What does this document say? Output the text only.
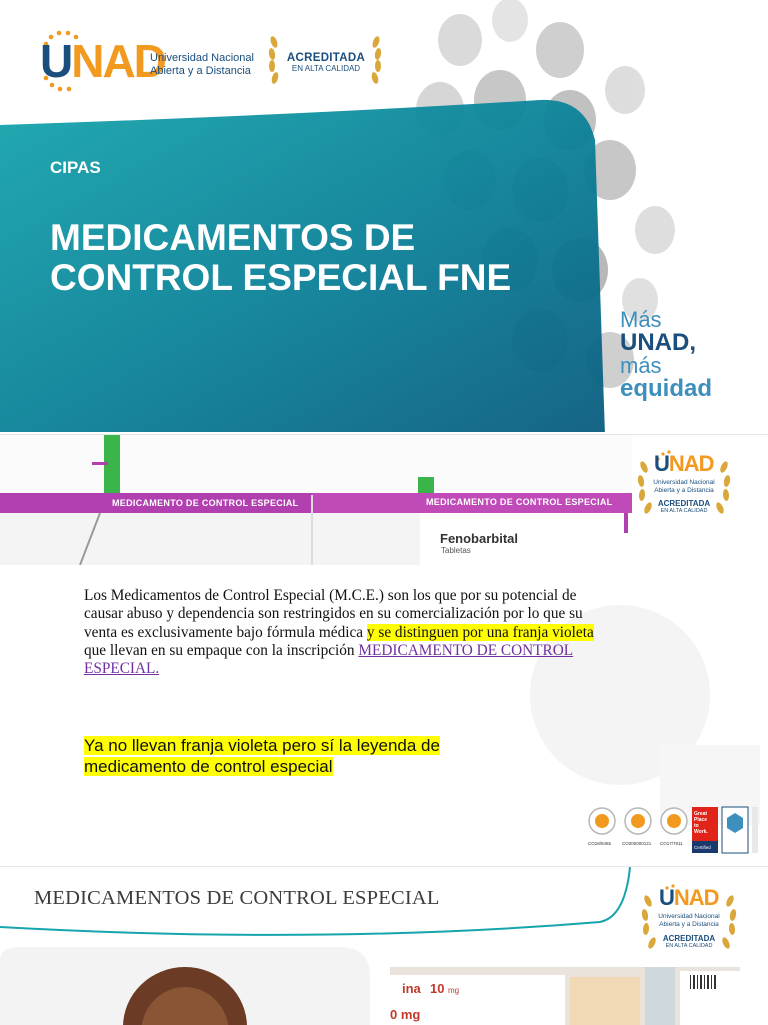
UNAD
Universidad Nacional
Abierta y a Distancia
ACREDITADA
EN ALTA CALIDAD
CIPAS
MEDICAMENTOS DE CONTROL ESPECIAL FNE
Más
UNAD,
más
equidad
MEDICAMENTO DE CONTROL ESPECIAL	MEDICAMENTO DE CONTROL ESPECIAL
Fenobarbital
Tabletas
UNAD
Universidad Nacional
Abierta y a Distancia
ACREDITADA
EN ALTA CALIDAD

Los Medicamentos de Control Especial (M.C.E.) son los que por su potencial de causar abuso y dependencia son restringidos en su comercialización por lo que su venta es exclusivamente bajo fórmula médica y se distinguen por una franja violeta que llevan en su empaque con la inscripción MEDICAMENTO DE CONTROL ESPECIAL.

Ya no llevan franja violeta pero sí la leyenda de medicamento de control especial
CO18/8455 CO200000121 CO17/7811
Great
Place
to
Work.
Certified
MEDICAMENTOS DE CONTROL ESPECIAL	UNAD
Universidad Nacional
Abierta y a Distancia
ACREDITADA
EN ALTA CALIDAD
ina 10 mg
0 mg
